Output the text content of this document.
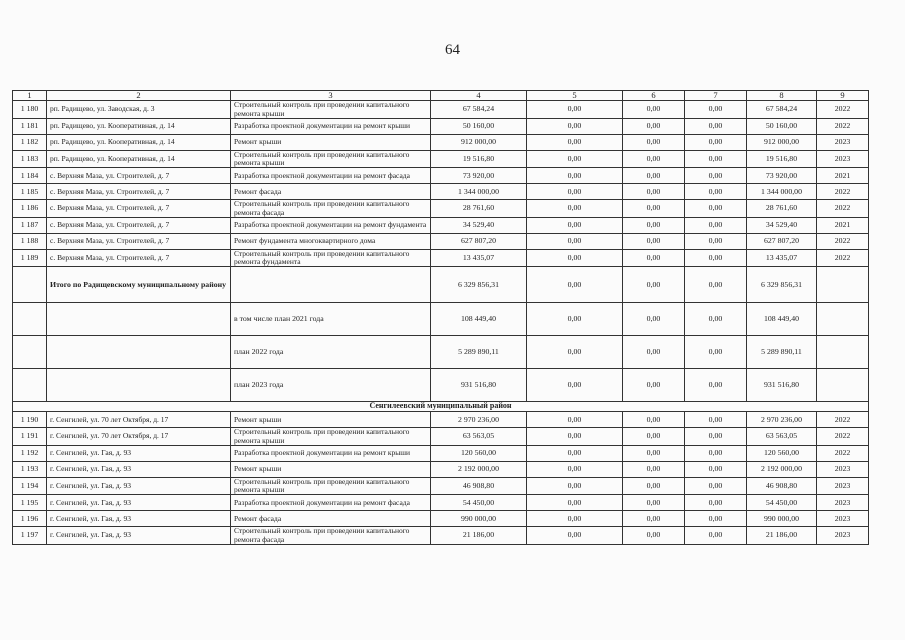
64
1	2	3	4	5	6	7	8	9
1 180	рп. Радищево, ул. Заводская, д. 3	Строительный контроль при проведении капитального ремонта крыши	67 584,24	0,00	0,00	0,00	67 584,24	2022
1 181	рп. Радищево, ул. Кооперативная, д. 14	Разработка проектной документации на ремонт крыши	50 160,00	0,00	0,00	0,00	50 160,00	2022
1 182	рп. Радищево, ул. Кооперативная, д. 14	Ремонт крыши	912 000,00	0,00	0,00	0,00	912 000,00	2023
1 183	рп. Радищево, ул. Кооперативная, д. 14	Строительный контроль при проведении капитального ремонта крыши	19 516,80	0,00	0,00	0,00	19 516,80	2023
1 184	с. Верхняя Маза, ул. Строителей, д. 7	Разработка проектной документации на ремонт фасада	73 920,00	0,00	0,00	0,00	73 920,00	2021
1 185	с. Верхняя Маза, ул. Строителей, д. 7	Ремонт фасада	1 344 000,00	0,00	0,00	0,00	1 344 000,00	2022
1 186	с. Верхняя Маза, ул. Строителей, д. 7	Строительный контроль при проведении капитального ремонта фасада	28 761,60	0,00	0,00	0,00	28 761,60	2022
1 187	с. Верхняя Маза, ул. Строителей, д. 7	Разработка проектной документации на ремонт фундамента	34 529,40	0,00	0,00	0,00	34 529,40	2021
1 188	с. Верхняя Маза, ул. Строителей, д. 7	Ремонт фундамента многоквартирного дома	627 807,20	0,00	0,00	0,00	627 807,20	2022
1 189	с. Верхняя Маза, ул. Строителей, д. 7	Строительный контроль при проведении капитального ремонта фундамента	13 435,07	0,00	0,00	0,00	13 435,07	2022
	Итого по Радищевскому муниципальному району		6 329 856,31	0,00	0,00	0,00	6 329 856,31	
		в том числе план 2021 года	108 449,40	0,00	0,00	0,00	108 449,40	
		план 2022 года	5 289 890,11	0,00	0,00	0,00	5 289 890,11	
		план 2023 года	931 516,80	0,00	0,00	0,00	931 516,80	
Сенгилеевский муниципальный район								
1 190	г. Сенгилей, ул. 70 лет Октября, д. 17	Ремонт крыши	2 970 236,00	0,00	0,00	0,00	2 970 236,00	2022
1 191	г. Сенгилей, ул. 70 лет Октября, д. 17	Строительный контроль при проведении капитального ремонта крыши	63 563,05	0,00	0,00	0,00	63 563,05	2022
1 192	г. Сенгилей, ул. Гая, д. 93	Разработка проектной документации на ремонт крыши	120 560,00	0,00	0,00	0,00	120 560,00	2022
1 193	г. Сенгилей, ул. Гая, д. 93	Ремонт крыши	2 192 000,00	0,00	0,00	0,00	2 192 000,00	2023
1 194	г. Сенгилей, ул. Гая, д. 93	Строительный контроль при проведении капитального ремонта крыши	46 908,80	0,00	0,00	0,00	46 908,80	2023
1 195	г. Сенгилей, ул. Гая, д. 93	Разработка проектной документации на ремонт фасада	54 450,00	0,00	0,00	0,00	54 450,00	2023
1 196	г. Сенгилей, ул. Гая, д. 93	Ремонт фасада	990 000,00	0,00	0,00	0,00	990 000,00	2023
1 197	г. Сенгилей, ул. Гая, д. 93	Строительный контроль при проведении капитального ремонта фасада	21 186,00	0,00	0,00	0,00	21 186,00	2023
